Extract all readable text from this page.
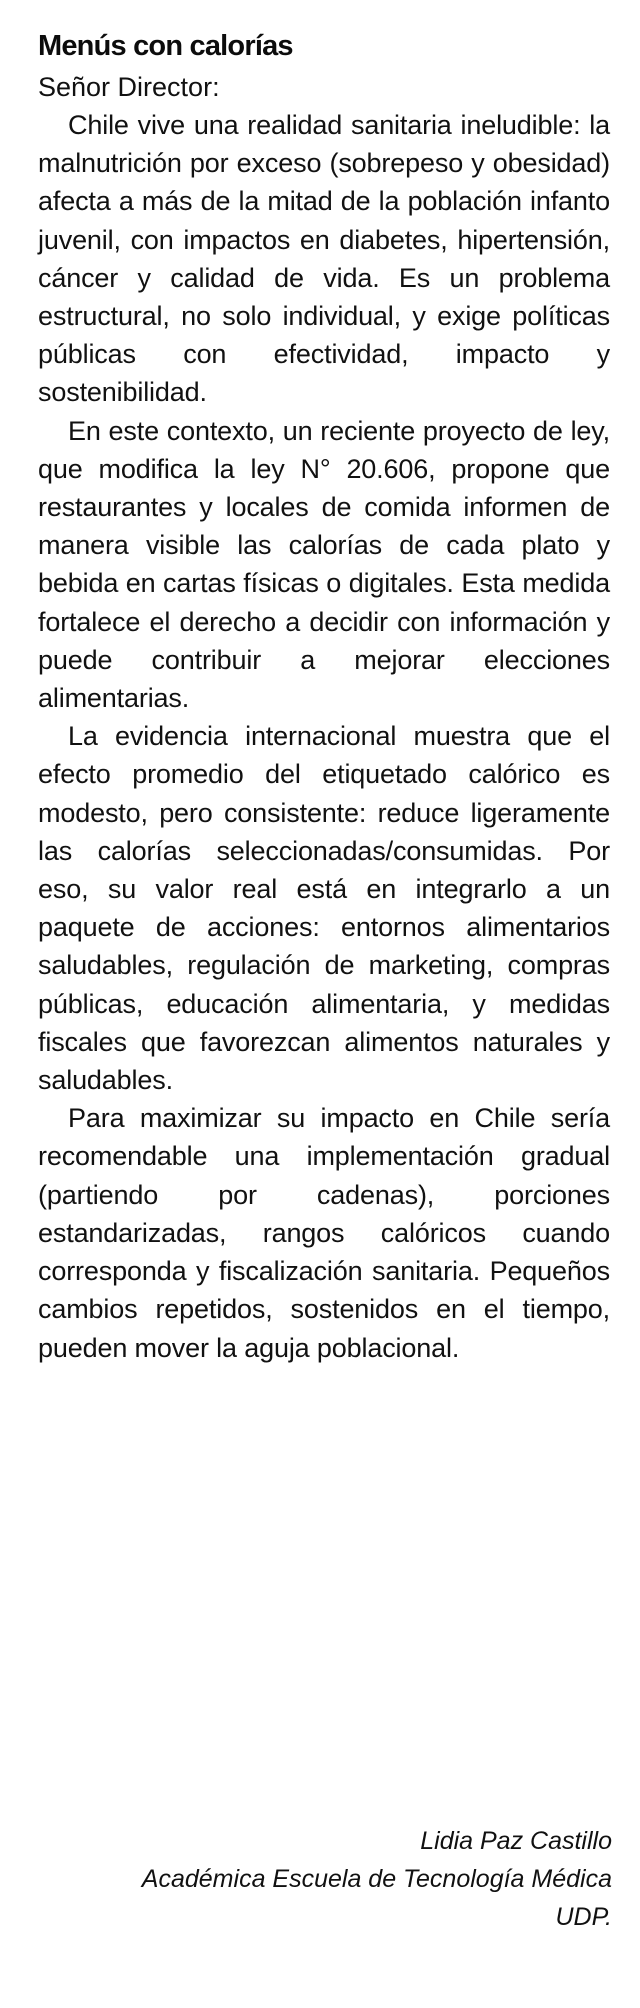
Menús con calorías

Señor Director:

Chile vive una realidad sanitaria ineludible: la malnutrición por exceso (sobrepeso y obesidad) afecta a más de la mitad de la población infanto juvenil, con impactos en diabetes, hipertensión, cáncer y calidad de vida. Es un problema estructural, no solo individual, y exige políticas públicas con efectividad, impacto y sostenibilidad.

En este contexto, un reciente proyecto de ley, que modifica la ley N° 20.606, propone que restaurantes y locales de comida informen de manera visible las calorías de cada plato y bebida en cartas físicas o digitales. Esta medida fortalece el derecho a decidir con información y puede contribuir a mejorar elecciones alimentarias.

La evidencia internacional muestra que el efecto promedio del etiquetado calórico es modesto, pero consistente: reduce ligeramente las calorías seleccionadas/consumidas. Por eso, su valor real está en integrarlo a un paquete de acciones: entornos alimentarios saludables, regulación de marketing, compras públicas, educación alimentaria, y medidas fiscales que favorezcan alimentos naturales y saludables.

Para maximizar su impacto en Chile sería recomendable una implementación gradual (partiendo por cadenas), porciones estandarizadas, rangos calóricos cuando corresponda y fiscalización sanitaria. Pequeños cambios repetidos, sostenidos en el tiempo, pueden mover la aguja poblacional.

Lidia Paz Castillo
Académica Escuela de Tecnología Médica
UDP.
